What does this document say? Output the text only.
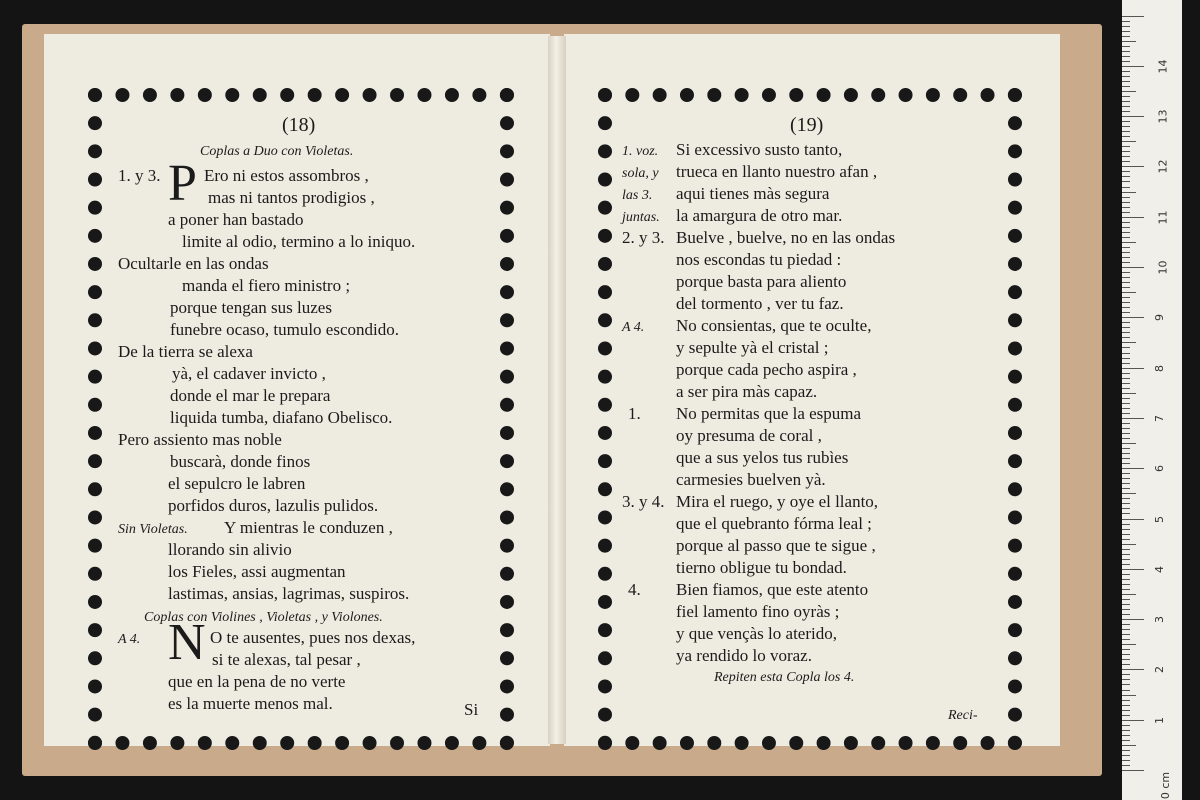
(18)
Coplas a Duo con Violetas.
P
N
1. y 3.	Ero ni estos assombros ,
mas ni tantos prodigios ,
a poner han bastado
limite al odio, termino a lo iniquo.
Ocultarle en las ondas
manda el fiero ministro ;
porque tengan sus luzes
funebre ocaso, tumulo escondido.
De la tierra se alexa
yà, el cadaver invicto ,
donde el mar le prepara
liquida tumba, diafano Obelisco.
Pero assiento mas noble
buscarà, donde finos
el sepulcro le labren
porfidos duros, lazulis pulidos.
Sin Violetas. Y mientras le conduzen ,
llorando sin alivio
los Fieles, assi augmentan
lastimas, ansias, lagrimas, suspiros.
Coplas con Violines , Violetas , y Violones.
A 4.	O te ausentes, pues nos dexas,
si te alexas, tal pesar ,
que en la pena de no verte
es la muerte menos mal.	Si
(19)
1. voz. Si excessivo susto tanto,
sola, y trueca en llanto nuestro afan ,
las 3. aqui tienes màs segura
juntas. la amargura de otro mar.
2. y 3. Buelve , buelve, no en las ondas
nos escondas tu piedad :
porque basta para aliento
del tormento , ver tu faz.
A 4. No consientas, que te oculte,
y sepulte yà el cristal ;
porque cada pecho aspira ,
a ser pira màs capaz.
1. No permitas que la espuma
oy presuma de coral ,
que a sus yelos tus rubìes
carmesies buelven yà.
3. y 4. Mira el ruego, y oye el llanto,
que el quebranto fórma leal ;
porque al passo que te sigue ,
tierno obligue tu bondad.
4. Bien fiamos, que este atento
fiel lamento fino oyràs ;
y que vençàs lo aterido,
ya rendido lo voraz.
Repiten esta Copla los 4.
Reci-
0 cm
14
13
12
11
10
9
8
7
6
5
4
3
2
1
